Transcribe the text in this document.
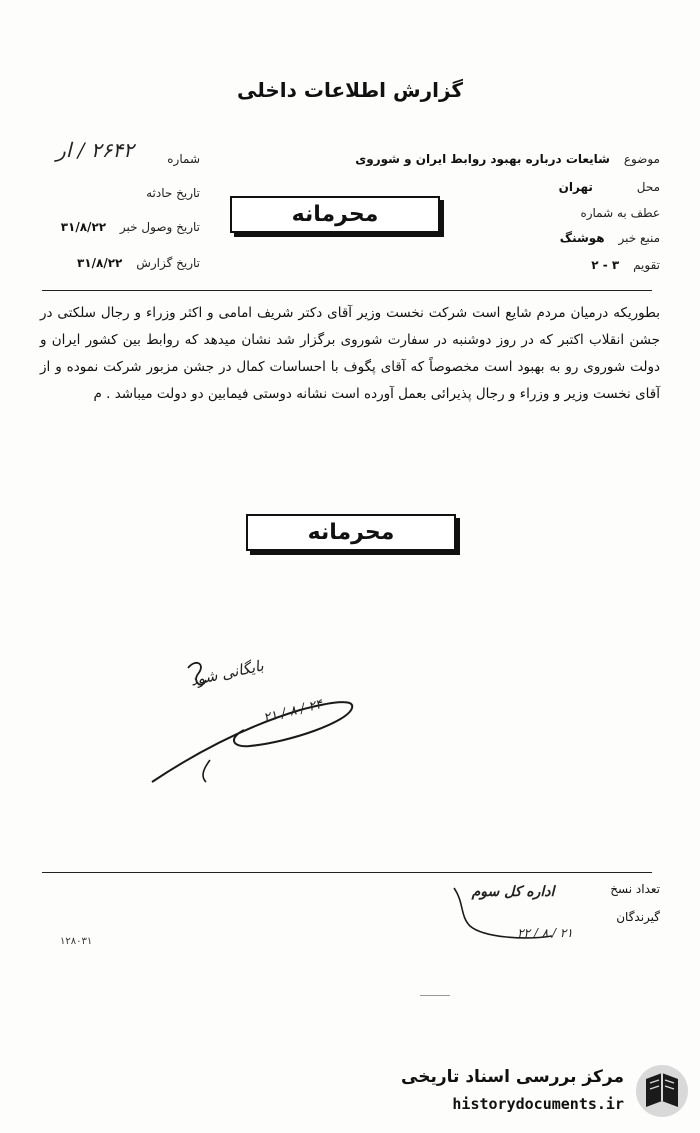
گزارش اطلاعات داخلی
شماره
۲۶۴۲ / ار
تاریخ حادثه
تاریخ وصول خبر ۳۱/۸/۲۲
تاریخ گزارش ۳۱/۸/۲۲
موضوع شایعات درباره بهبود روابط ایران و شوروی
محل تهران
عطف به شماره
منبع خبر هوشنگ
تقویم ۳ - ۲
محرمانه
بطوریکه درمیان مردم شایع است شرکت نخست وزیر آقای دکتر شریف امامی و اکثر وزراء و رجال سلکتی در جشن انقلاب اکتبر که در روز دوشنبه در سفارت شوروی برگزار شد نشان میدهد که روابط بین کشور ایران و دولت شوروی رو به بهبود است مخصوصاً که آقای پگوف با احساسات کمال در جشن مزبور شرکت نموده و از آقای نخست وزیر و وزراء و رجال پذیرائی بعمل آورده است نشانه دوستی فیمابین دو دولت میباشد . م
محرمانه
بایگانی شود
۲۱ / ۸ / ۲۴
تعداد نسخ
گیرندگان
اداره کل سوم
۲۲ / ۸ / ۲۱
۱۲۸۰۳۱
مرکز بررسی اسناد تاریخی
historydocuments.ir
